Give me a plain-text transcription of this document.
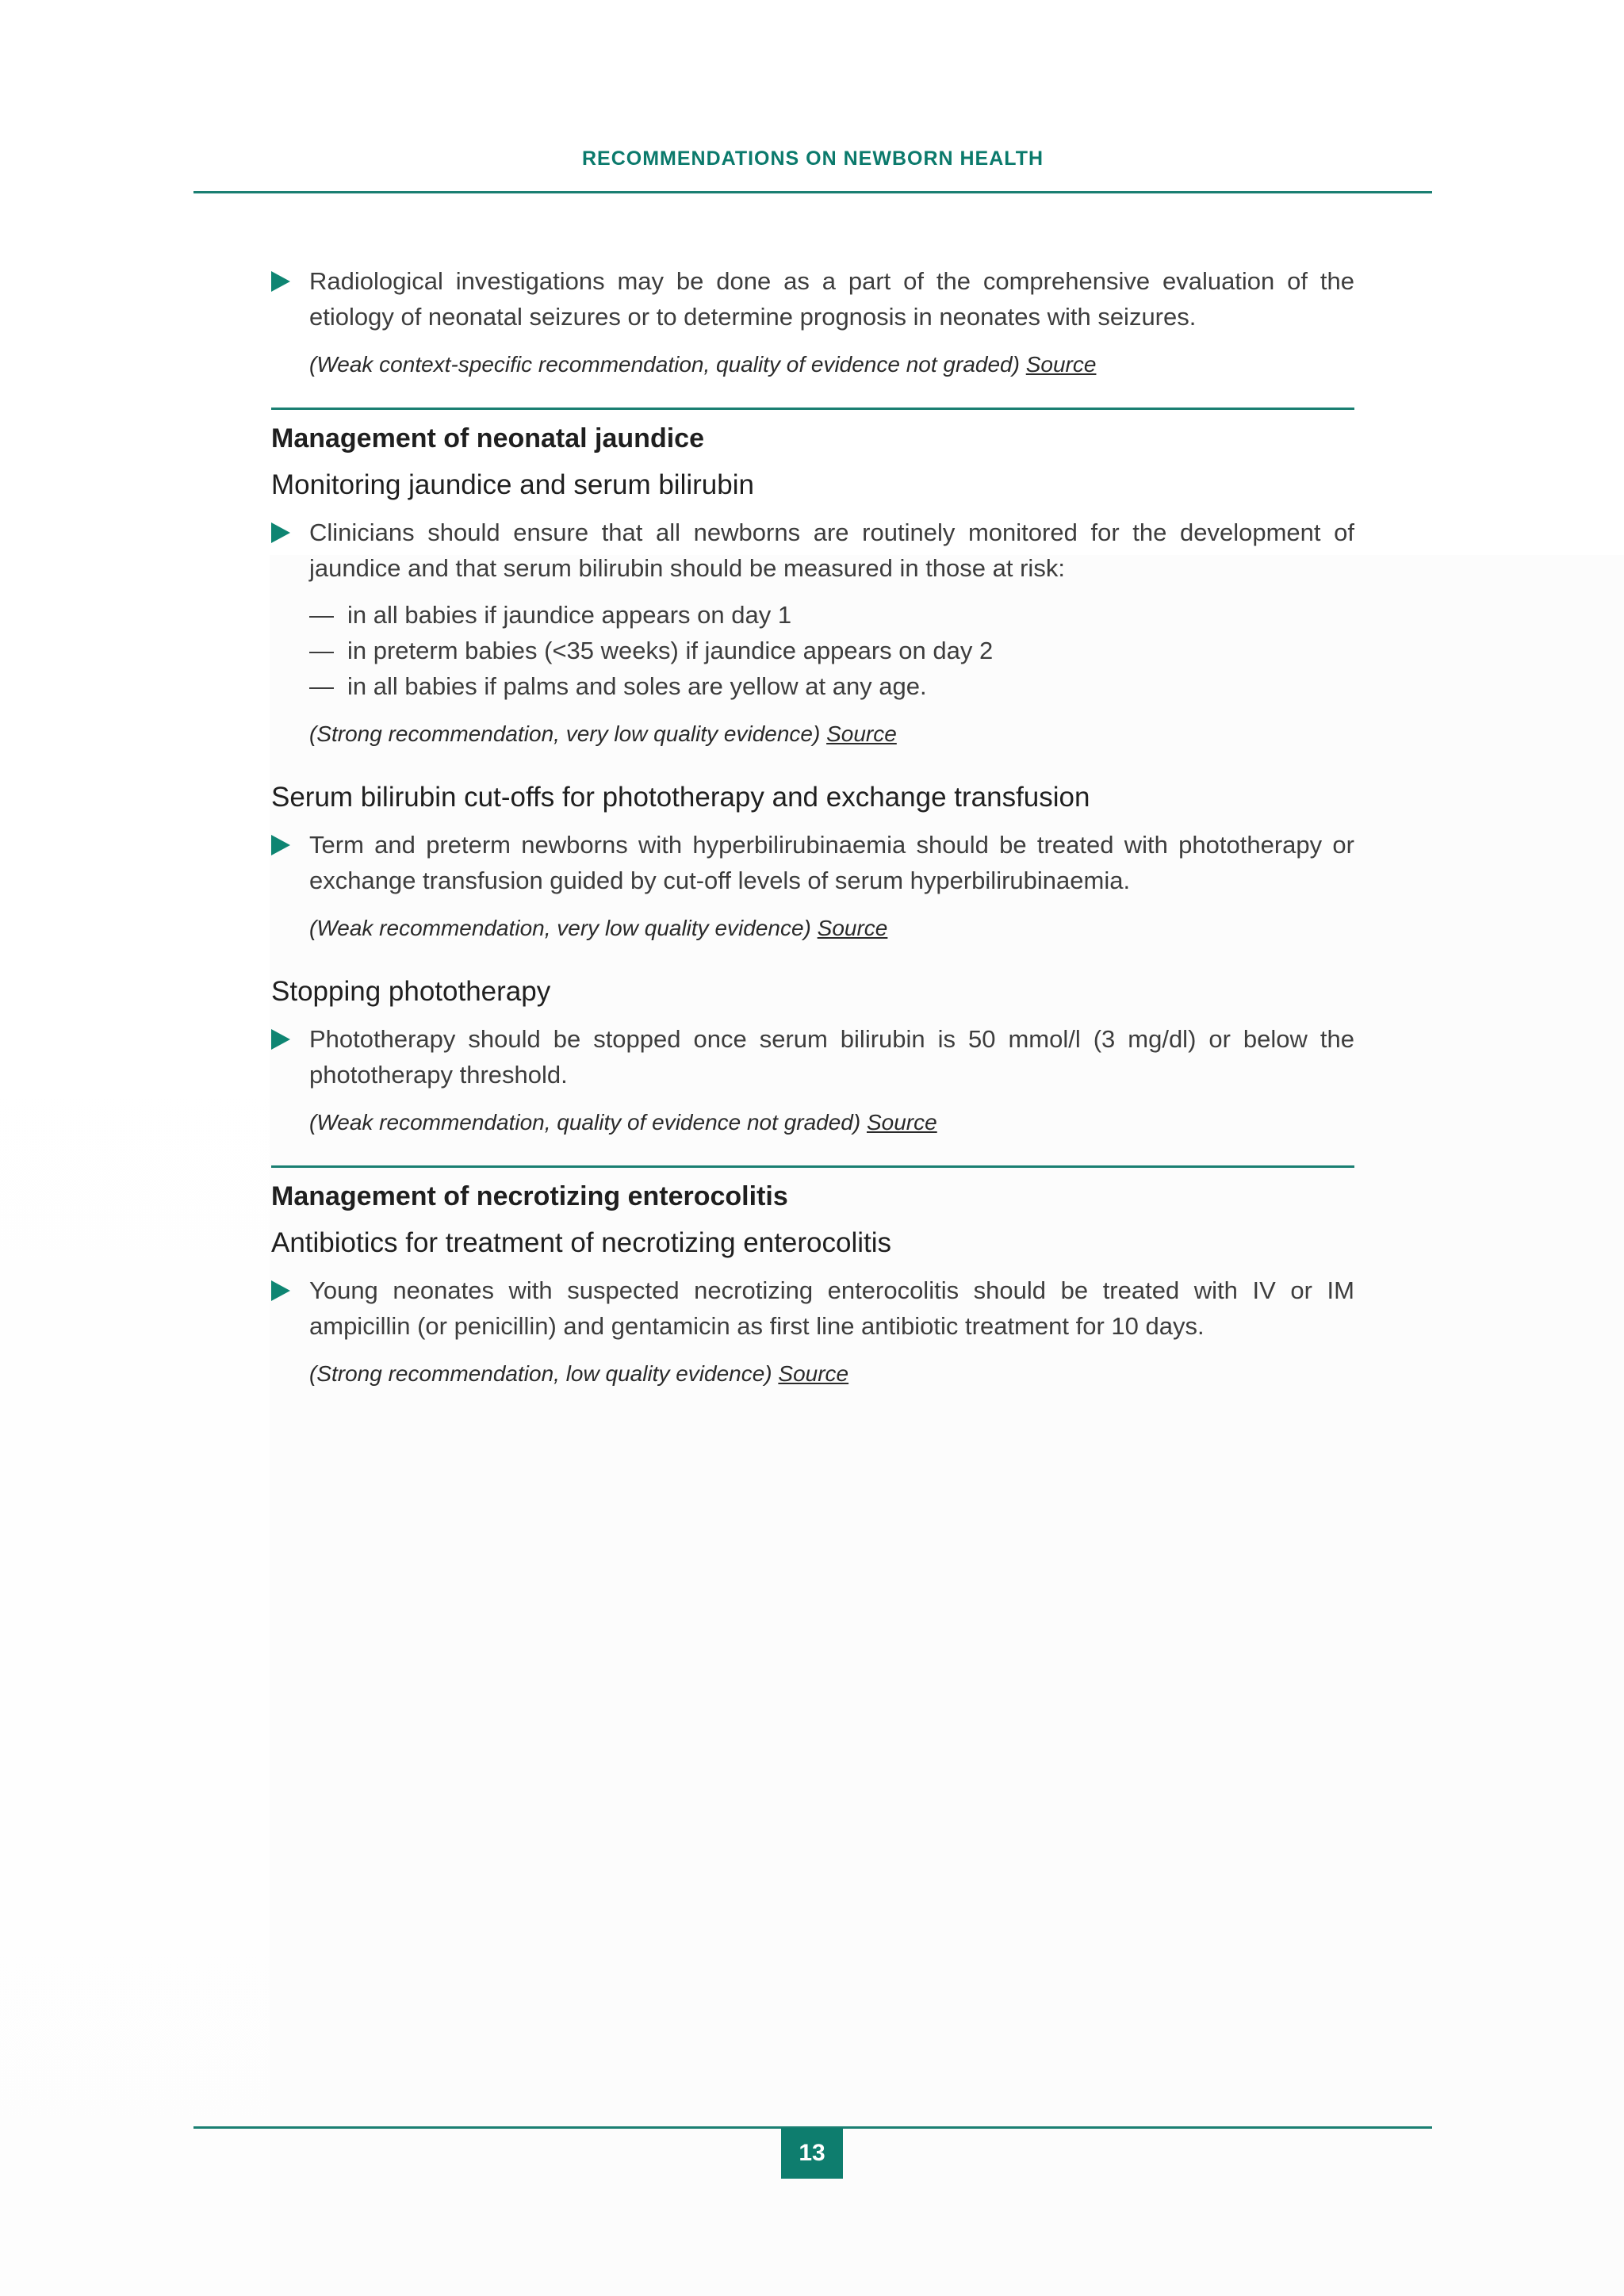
RECOMMENDATIONS ON NEWBORN HEALTH
Radiological investigations may be done as a part of the comprehensive evaluation of the etiology of neonatal seizures or to determine prognosis in neonates with seizures.
(Weak context-specific recommendation, quality of evidence not graded) Source
Management of neonatal jaundice
Monitoring jaundice and serum bilirubin
Clinicians should ensure that all newborns are routinely monitored for the development of jaundice and that serum bilirubin should be measured in those at risk:
— in all babies if jaundice appears on day 1
— in preterm babies (<35 weeks) if jaundice appears on day 2
— in all babies if palms and soles are yellow at any age.
(Strong recommendation, very low quality evidence) Source
Serum bilirubin cut-offs for phototherapy and exchange transfusion
Term and preterm newborns with hyperbilirubinaemia should be treated with phototherapy or exchange transfusion guided by cut-off levels of serum hyperbilirubinaemia.
(Weak recommendation, very low quality evidence) Source
Stopping phototherapy
Phototherapy should be stopped once serum bilirubin is 50 mmol/l (3 mg/dl) or below the phototherapy threshold.
(Weak recommendation, quality of evidence not graded) Source
Management of necrotizing enterocolitis
Antibiotics for treatment of necrotizing enterocolitis
Young neonates with suspected necrotizing enterocolitis should be treated with IV or IM ampicillin (or penicillin) and gentamicin as first line antibiotic treatment for 10 days.
(Strong recommendation, low quality evidence) Source
13
